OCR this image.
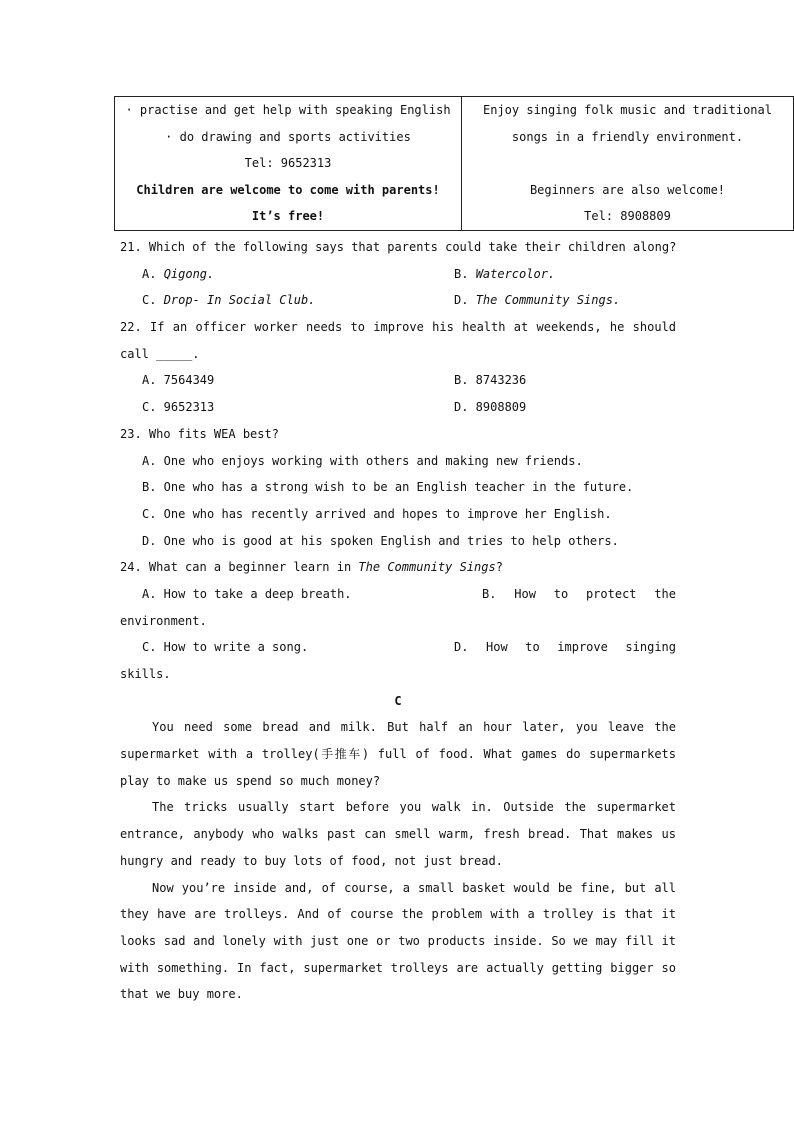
· practise and get help with speaking English
· do drawing and sports activities
Tel: 9652313
Children are welcome to come with parents!
It’s free!

Enjoy singing folk music and traditional
songs in a friendly environment.
Beginners are also welcome!
Tel: 8908809
21. Which of the following says that parents could take their children along?
A. Qigong.	B. Watercolor.
C. Drop- In Social Club.	D. The Community Sings.
22. If an officer worker needs to improve his health at weekends, he should
call _____.
A. 7564349	B. 8743236
C. 9652313	D. 8908809
23. Who fits WEA best?
A. One who enjoys working with others and making new friends.
B. One who has a strong wish to be an English teacher in the future.
C. One who has recently arrived and hopes to improve her English.
D. One who is good at his spoken English and tries to help others.
24. What can a beginner learn in The Community Sings?
A. How to take a deep breath.	B. How to protect the
environment.
C. How to write a song.	D. How to improve singing
skills.
C
You need some bread and milk. But half an hour later, you leave the
supermarket with a trolley(手推车) full of food. What games do supermarkets
play to make us spend so much money?
The tricks usually start before you walk in. Outside the supermarket
entrance, anybody who walks past can smell warm, fresh bread. That makes us
hungry and ready to buy lots of food, not just bread.
Now you’re inside and, of course, a small basket would be fine, but all
they have are trolleys. And of course the problem with a trolley is that it
looks sad and lonely with just one or two products inside. So we may fill it
with something. In fact, supermarket trolleys are actually getting bigger so
that we buy more.
